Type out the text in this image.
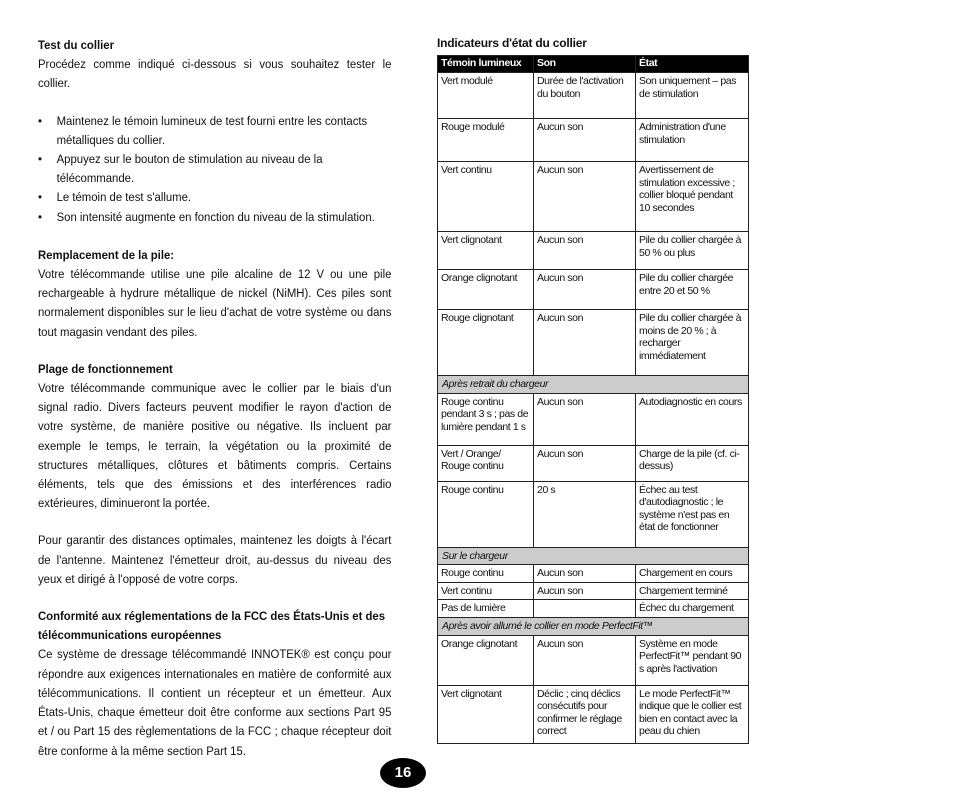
Test du collier

Procédez comme indiqué ci-dessous si vous souhaitez tester le collier.

• Maintenez le témoin lumineux de test fourni entre les contacts métalliques du collier.
• Appuyez sur le bouton de stimulation au niveau de la télécommande.
• Le témoin de test s'allume.
• Son intensité augmente en fonction du niveau de la stimulation.
Remplacement de la pile:

Votre télécommande utilise une pile alcaline de 12 V ou une pile rechargeable à hydrure métallique de nickel (NiMH). Ces piles sont normalement disponibles sur le lieu d'achat de votre système ou dans tout magasin vendant des piles.

Plage de fonctionnement

Votre télécommande communique avec le collier par le biais d'un signal radio. Divers facteurs peuvent modifier le rayon d'action de votre système, de manière positive ou négative. Ils incluent par exemple le temps, le terrain, la végétation ou la proximité de structures métalliques, clôtures et bâtiments compris. Certains éléments, tels que des émissions et des interférences radio extérieures, diminueront la portée.

Pour garantir des distances optimales, maintenez les doigts à l'écart de l'antenne. Maintenez l'émetteur droit, au-dessus du niveau des yeux et dirigé à l'opposé de votre corps.

Conformité aux réglementations de la FCC des États-Unis et des télécommunications européennes

Ce système de dressage télécommandé INNOTEK® est conçu pour répondre aux exigences internationales en matière de conformité aux télécommunications. Il contient un récepteur et un émetteur. Aux États-Unis, chaque émetteur doit être conforme aux sections Part 95 et / ou Part 15 des règlementations de la FCC ; chaque récepteur doit être conforme à la même section Part 15.

16
Indicateurs d'état du collier
Témoin lumineux	Son	État
Vert modulé	Durée de l'activation du bouton	Son uniquement – pas de stimulation
Rouge modulé	Aucun son	Administration d'une stimulation
Vert continu	Aucun son	Avertissement de stimulation excessive ; collier bloqué pendant 10 secondes
Vert clignotant	Aucun son	Pile du collier chargée à 50 % ou plus
Orange clignotant	Aucun son	Pile du collier chargée entre 20 et 50 %
Rouge clignotant	Aucun son	Pile du collier chargée à moins de 20 % ; à recharger immédiatement
Après retrait du chargeur		
Rouge continu pendant 3 s ; pas de lumière pendant 1 s	Aucun son	Autodiagnostic en cours
Vert / Orange/ Rouge continu	Aucun son	Charge de la pile (cf. ci-dessus)
Rouge continu	20 s	Échec au test d'autodiagnostic ; le système n'est pas en état de fonctionner
Sur le chargeur		
Rouge continu	Aucun son	Chargement en cours
Vert continu	Aucun son	Chargement terminé
Pas de lumière		Échec du chargement
Après avoir allumé le collier en mode PerfectFit™		
Orange clignotant	Aucun son	Système en mode PerfectFit™ pendant 90 s après l'activation
Vert clignotant	Déclic ; cinq déclics consécutifs pour confirmer le réglage correct	Le mode PerfectFit™ indique que le collier est bien en contact avec la peau du chien
